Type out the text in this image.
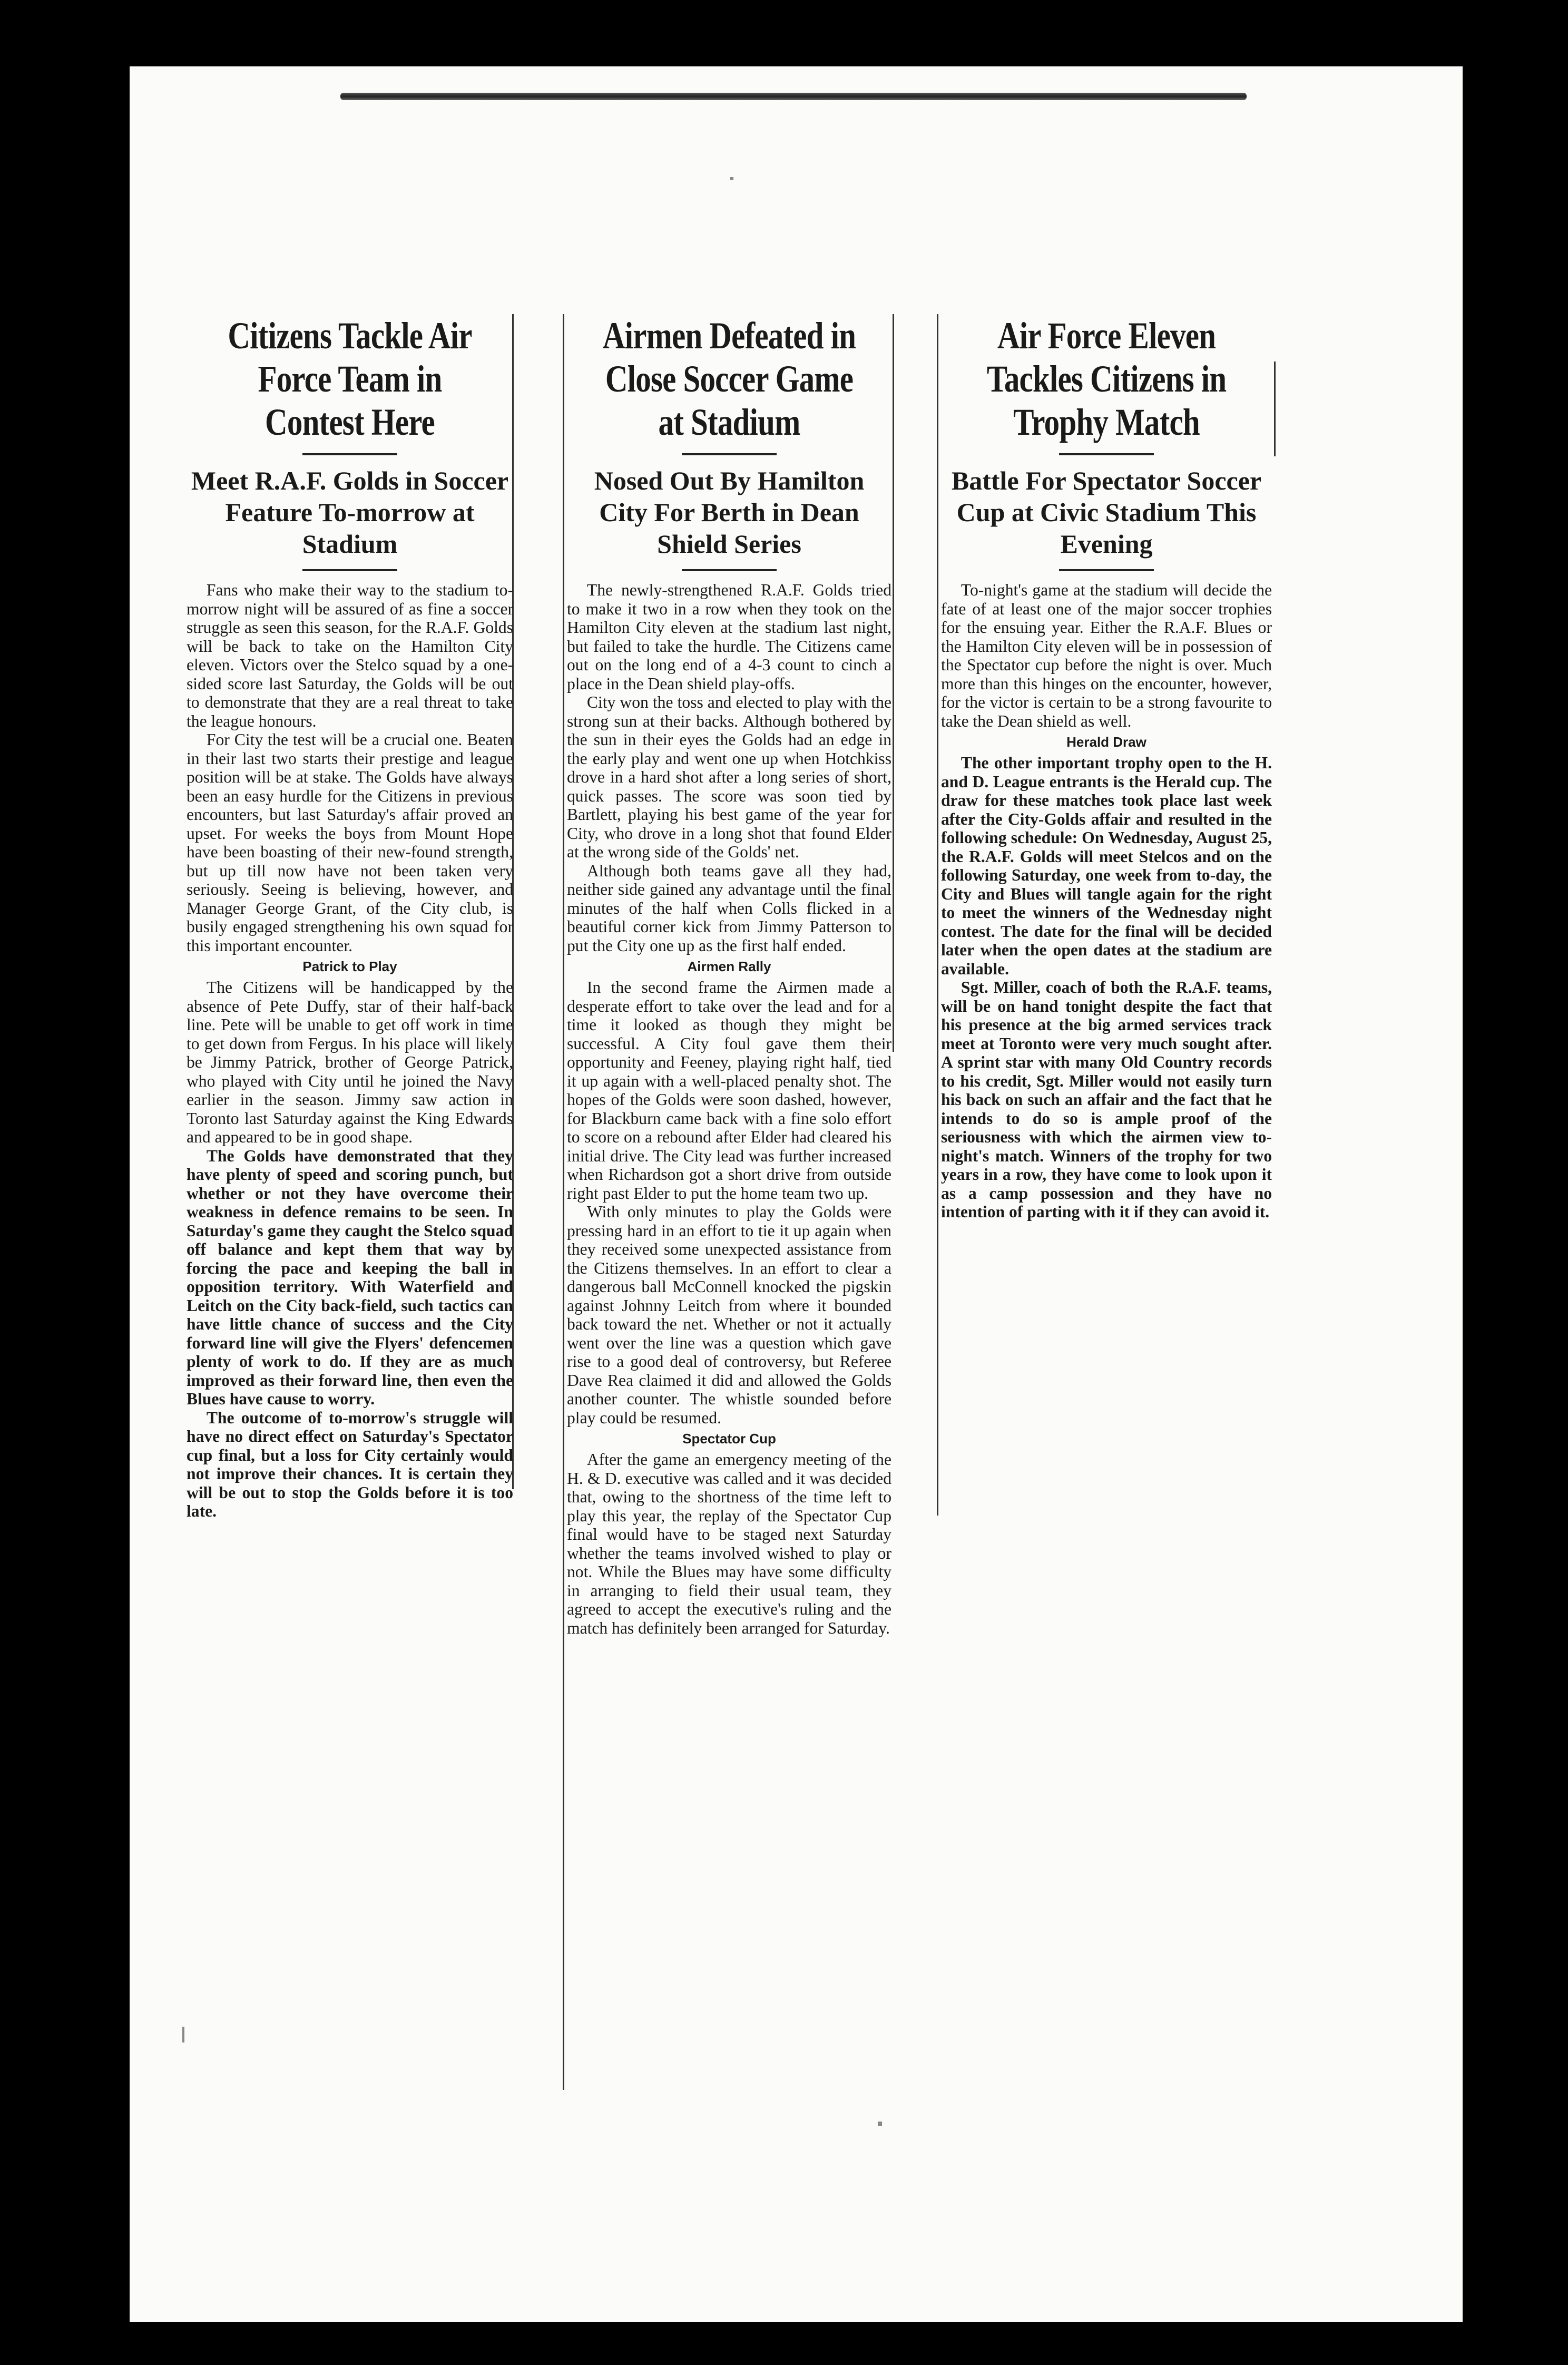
Citizens Tackle Air Force Team in Contest Here
Meet R.A.F. Golds in Soccer Feature To-morrow at Stadium

Fans who make their way to the stadium to-morrow night will be assured of as fine a soccer struggle as seen this season, for the R.A.F. Golds will be back to take on the Hamilton City eleven. Victors over the Stelco squad by a one-sided score last Saturday, the Golds will be out to demonstrate that they are a real threat to take the league honours.

For City the test will be a crucial one. Beaten in their last two starts their prestige and league position will be at stake. The Golds have always been an easy hurdle for the Citizens in previous encounters, but last Saturday's affair proved an upset. For weeks the boys from Mount Hope have been boasting of their new-found strength, but up till now have not been taken very seriously. Seeing is believing, however, and Manager George Grant, of the City club, is busily engaged strengthening his own squad for this important encounter.

Patrick to Play

The Citizens will be handicapped by the absence of Pete Duffy, star of their half-back line. Pete will be unable to get off work in time to get down from Fergus. In his place will likely be Jimmy Patrick, brother of George Patrick, who played with City until he joined the Navy earlier in the season. Jimmy saw action in Toronto last Saturday against the King Edwards and appeared to be in good shape.

The Golds have demonstrated that they have plenty of speed and scoring punch, but whether or not they have overcome their weakness in defence remains to be seen. In Saturday's game they caught the Stelco squad off balance and kept them that way by forcing the pace and keeping the ball in opposition territory. With Waterfield and Leitch on the City back-field, such tactics can have little chance of success and the City forward line will give the Flyers' defencemen plenty of work to do. If they are as much improved as their forward line, then even the Blues have cause to worry.

The outcome of to-morrow's struggle will have no direct effect on Saturday's Spectator cup final, but a loss for City certainly would not improve their chances. It is certain they will be out to stop the Golds before it is too late.

Airmen Defeated in Close Soccer Game at Stadium
Nosed Out By Hamilton City For Berth in Dean Shield Series

The newly-strengthened R.A.F. Golds tried to make it two in a row when they took on the Hamilton City eleven at the stadium last night, but failed to take the hurdle. The Citizens came out on the long end of a 4-3 count to cinch a place in the Dean shield play-offs.

City won the toss and elected to play with the strong sun at their backs. Although bothered by the sun in their eyes the Golds had an edge in the early play and went one up when Hotchkiss drove in a hard shot after a long series of short, quick passes. The score was soon tied by Bartlett, playing his best game of the year for City, who drove in a long shot that found Elder at the wrong side of the Golds' net.

Although both teams gave all they had, neither side gained any advantage until the final minutes of the half when Colls flicked in a beautiful corner kick from Jimmy Patterson to put the City one up as the first half ended.

Airmen Rally

In the second frame the Airmen made a desperate effort to take over the lead and for a time it looked as though they might be successful. A City foul gave them their opportunity and Feeney, playing right half, tied it up again with a well-placed penalty shot. The hopes of the Golds were soon dashed, however, for Blackburn came back with a fine solo effort to score on a rebound after Elder had cleared his initial drive. The City lead was further increased when Richardson got a short drive from outside right past Elder to put the home team two up.

With only minutes to play the Golds were pressing hard in an effort to tie it up again when they received some unexpected assistance from the Citizens themselves. In an effort to clear a dangerous ball McConnell knocked the pigskin against Johnny Leitch from where it bounded back toward the net. Whether or not it actually went over the line was a question which gave rise to a good deal of controversy, but Referee Dave Rea claimed it did and allowed the Golds another counter. The whistle sounded before play could be resumed.

Spectator Cup

After the game an emergency meeting of the H. & D. executive was called and it was decided that, owing to the shortness of the time left to play this year, the replay of the Spectator Cup final would have to be staged next Saturday whether the teams involved wished to play or not. While the Blues may have some difficulty in arranging to field their usual team, they agreed to accept the executive's ruling and the match has definitely been arranged for Saturday.

Air Force Eleven Tackles Citizens in Trophy Match
Battle For Spectator Soccer Cup at Civic Stadium This Evening

To-night's game at the stadium will decide the fate of at least one of the major soccer trophies for the ensuing year. Either the R.A.F. Blues or the Hamilton City eleven will be in possession of the Spectator cup before the night is over. Much more than this hinges on the encounter, however, for the victor is certain to be a strong favourite to take the Dean shield as well.

Herald Draw

The other important trophy open to the H. and D. League entrants is the Herald cup. The draw for these matches took place last week after the City-Golds affair and resulted in the following schedule: On Wednesday, August 25, the R.A.F. Golds will meet Stelcos and on the following Saturday, one week from to-day, the City and Blues will tangle again for the right to meet the winners of the Wednesday night contest. The date for the final will be decided later when the open dates at the stadium are available.

Sgt. Miller, coach of both the R.A.F. teams, will be on hand tonight despite the fact that his presence at the big armed services track meet at Toronto were very much sought after. A sprint star with many Old Country records to his credit, Sgt. Miller would not easily turn his back on such an affair and the fact that he intends to do so is ample proof of the seriousness with which the airmen view to-night's match. Winners of the trophy for two years in a row, they have come to look upon it as a camp possession and they have no intention of parting with it if they can avoid it.
